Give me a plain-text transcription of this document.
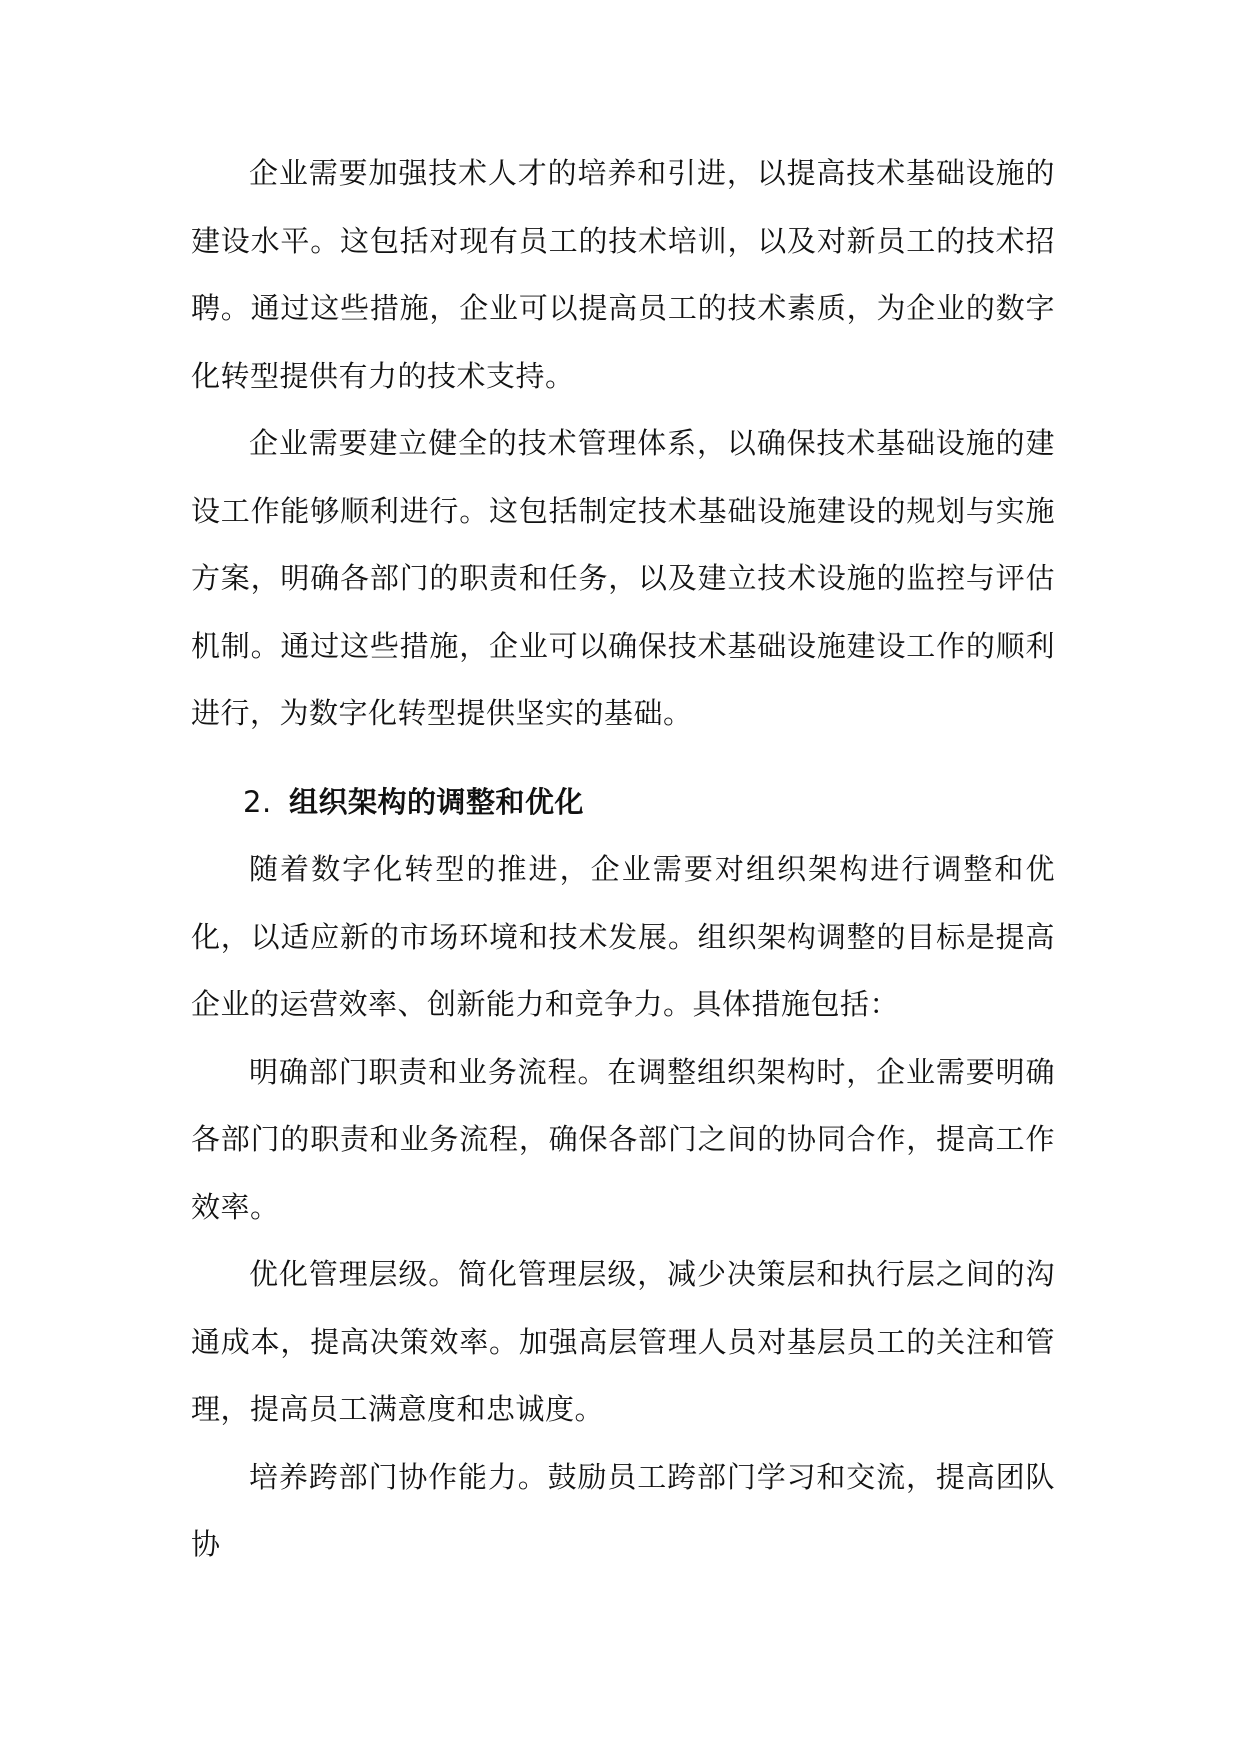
企业需要加强技术人才的培养和引进，以提高技术基础设施的建设水平。这包括对现有员工的技术培训，以及对新员工的技术招聘。通过这些措施，企业可以提高员工的技术素质，为企业的数字化转型提供有力的技术支持。

企业需要建立健全的技术管理体系，以确保技术基础设施的建设工作能够顺利进行。这包括制定技术基础设施建设的规划与实施方案，明确各部门的职责和任务，以及建立技术设施的监控与评估机制。通过这些措施，企业可以确保技术基础设施建设工作的顺利进行，为数字化转型提供坚实的基础。

2. 组织架构的调整和优化

随着数字化转型的推进，企业需要对组织架构进行调整和优化，以适应新的市场环境和技术发展。组织架构调整的目标是提高企业的运营效率、创新能力和竞争力。具体措施包括：

明确部门职责和业务流程。在调整组织架构时，企业需要明确各部门的职责和业务流程，确保各部门之间的协同合作，提高工作效率。

优化管理层级。简化管理层级，减少决策层和执行层之间的沟通成本，提高决策效率。加强高层管理人员对基层员工的关注和管理，提高员工满意度和忠诚度。

培养跨部门协作能力。鼓励员工跨部门学习和交流，提高团队协
